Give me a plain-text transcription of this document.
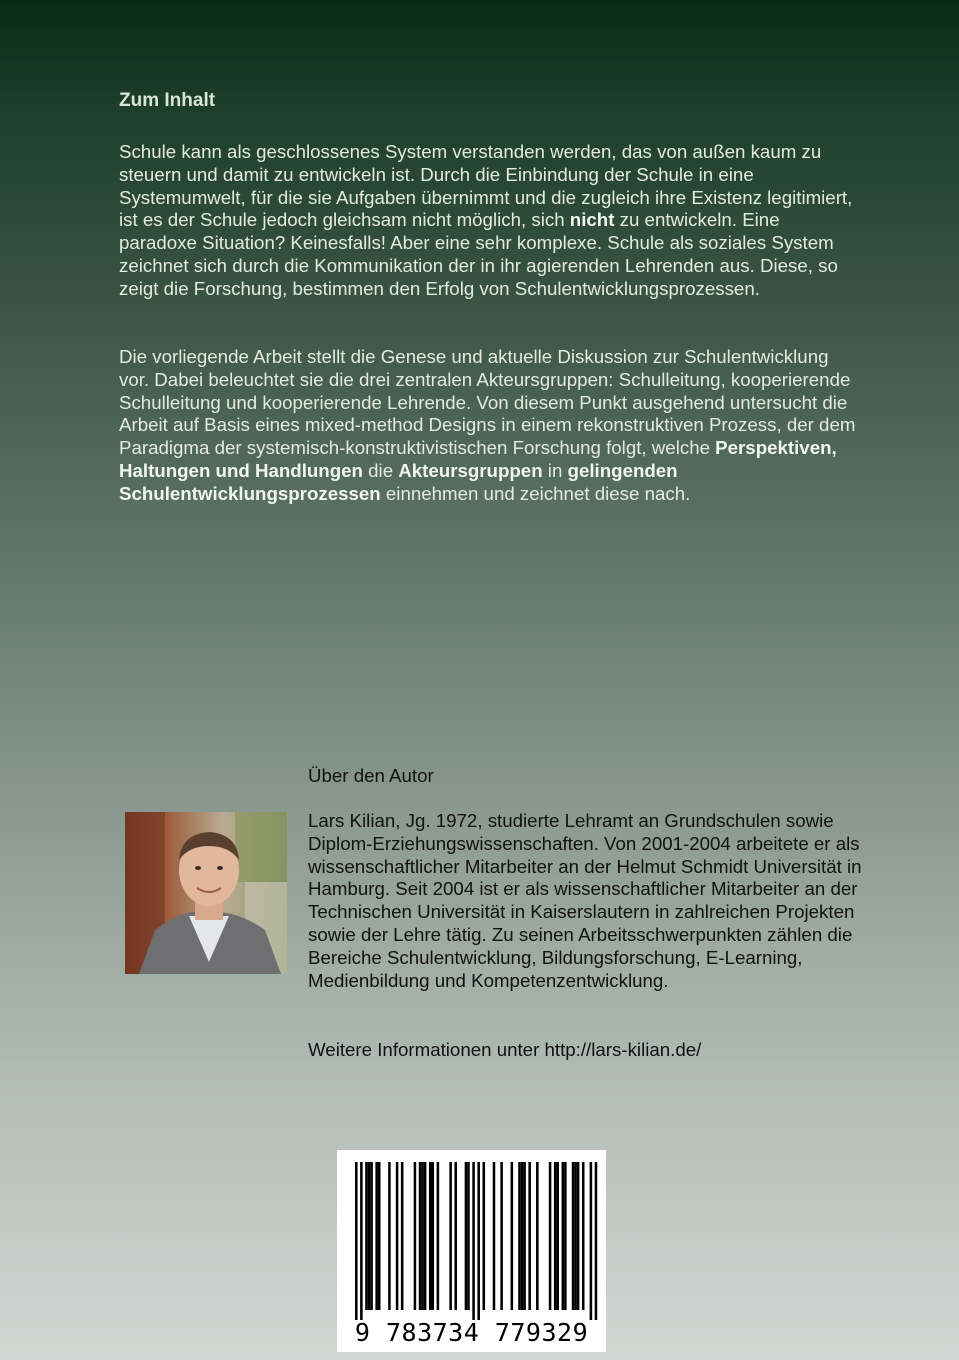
Zum Inhalt

Schule kann als geschlossenes System verstanden werden, das von außen kaum zu steuern und damit zu entwickeln ist. Durch die Einbindung der Schule in eine Systemumwelt, für die sie Aufgaben übernimmt und die zugleich ihre Existenz legitimiert, ist es der Schule jedoch gleichsam nicht möglich, sich nicht zu entwickeln. Eine paradoxe Situation? Keinesfalls! Aber eine sehr komplexe. Schule als soziales System zeichnet sich durch die Kommunikation der in ihr agierenden Lehrenden aus. Diese, so zeigt die Forschung, bestimmen den Erfolg von Schulentwicklungsprozessen.

Die vorliegende Arbeit stellt die Genese und aktuelle Diskussion zur Schulentwicklung vor. Dabei beleuchtet sie die drei zentralen Akteursgruppen: Schulleitung, kooperierende Schulleitung und kooperierende Lehrende. Von diesem Punkt ausgehend untersucht die Arbeit auf Basis eines mixed-method Designs in einem rekonstruktiven Prozess, der dem Paradigma der systemisch-konstruktivistischen Forschung folgt, welche Perspektiven, Haltungen und Handlungen die Akteursgruppen in gelingenden Schulentwicklungsprozessen einnehmen und zeichnet diese nach.

Über den Autor

Lars Kilian, Jg. 1972, studierte Lehramt an Grundschulen sowie Diplom-Erziehungswissenschaften. Von 2001-2004 arbeitete er als wissenschaftlicher Mitarbeiter an der Helmut Schmidt Universität in Hamburg. Seit 2004 ist er als wissenschaftlicher Mitarbeiter an der Technischen Universität in Kaiserslautern in zahlreichen Projekten sowie der Lehre tätig. Zu seinen Arbeitsschwerpunkten zählen die Bereiche Schulentwicklung, Bildungsforschung, E-Learning, Medienbildung und Kompetenzentwicklung.

Weitere Informationen unter http://lars-kilian.de/

9 783734 779329
